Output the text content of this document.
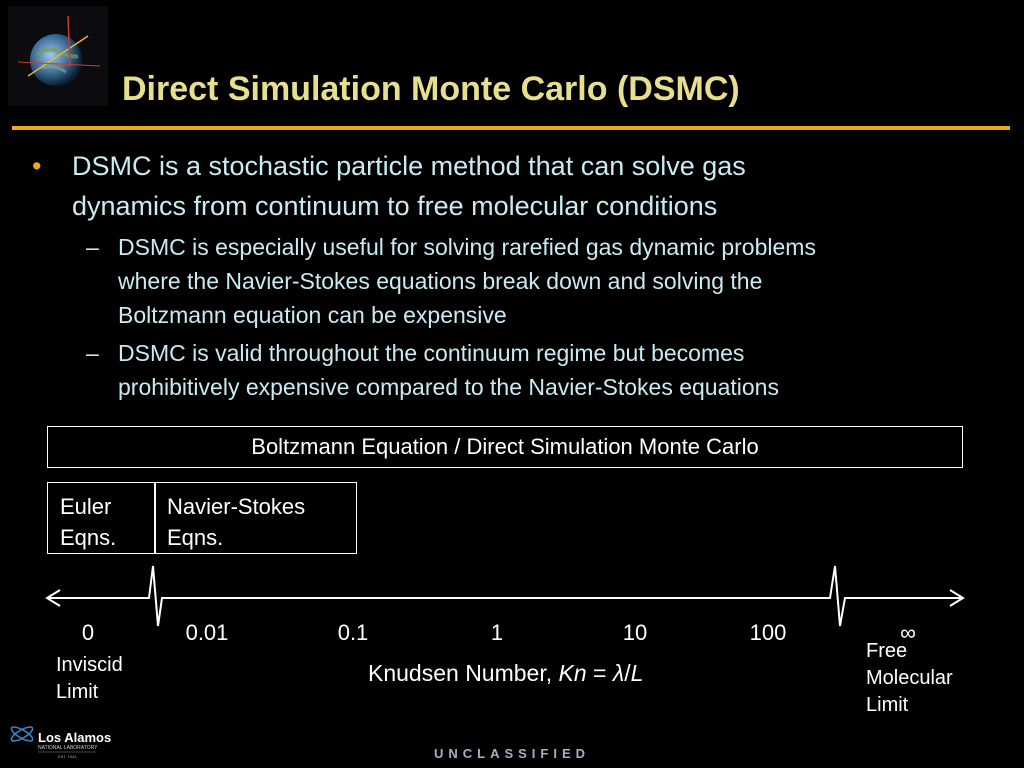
Direct Simulation Monte Carlo (DSMC)
• DSMC is a stochastic particle method that can solve gas
dynamics from continuum to free molecular conditions
– DSMC is especially useful for solving rarefied gas dynamic problems
where the Navier-Stokes equations break down and solving the
Boltzmann equation can be expensive
– DSMC is valid throughout the continuum regime but becomes
prohibitively expensive compared to the Navier-Stokes equations
Boltzmann Equation / Direct Simulation Monte Carlo
Euler
Eqns.
Navier-Stokes
Eqns.
0	0.01	0.1	1	10	100	∞
Inviscid
Limit
Free
Molecular
Limit
Knudsen Number, Kn = λ/L
Los Alamos
NATIONAL LABORATORY
EST. 1943	UNCLASSIFIED
